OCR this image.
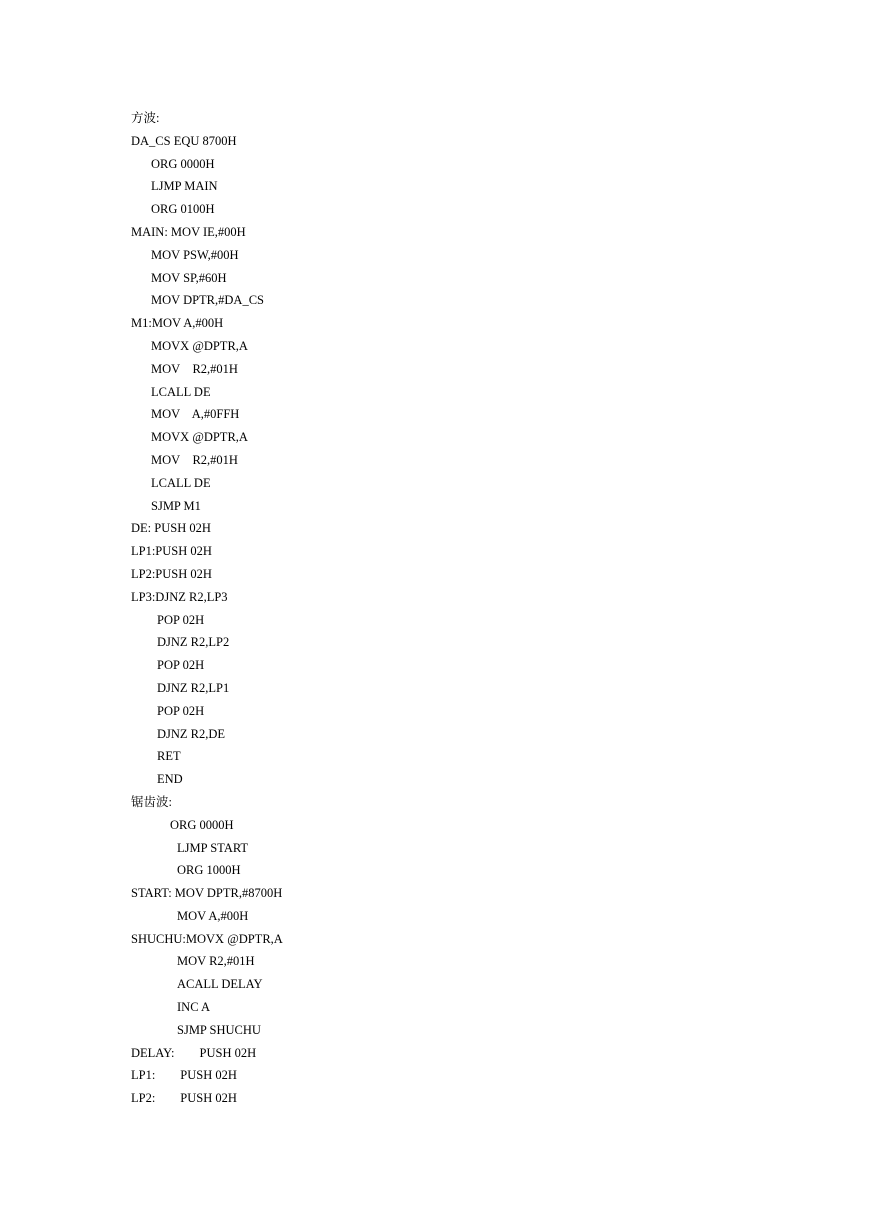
方波:
DA_CS EQU 8700H
ORG 0000H
LJMP MAIN
ORG 0100H
MAIN: MOV IE,#00H
MOV PSW,#00H
MOV SP,#60H
MOV DPTR,#DA_CS
M1:MOV A,#00H
MOVX @DPTR,A
MOV    R2,#01H
LCALL DE
MOV    A,#0FFH
MOVX @DPTR,A
MOV    R2,#01H
LCALL DE
SJMP M1
DE: PUSH 02H
LP1:PUSH 02H
LP2:PUSH 02H
LP3:DJNZ R2,LP3
POP 02H
DJNZ R2,LP2
POP 02H
DJNZ R2,LP1
POP 02H
DJNZ R2,DE
RET
END
锯齿波:
ORG 0000H
LJMP START
ORG 1000H
START: MOV DPTR,#8700H
MOV A,#00H
SHUCHU:MOVX @DPTR,A
MOV R2,#01H
ACALL DELAY
INC A
SJMP SHUCHU
DELAY:        PUSH 02H
LP1:        PUSH 02H
LP2:        PUSH 02H
